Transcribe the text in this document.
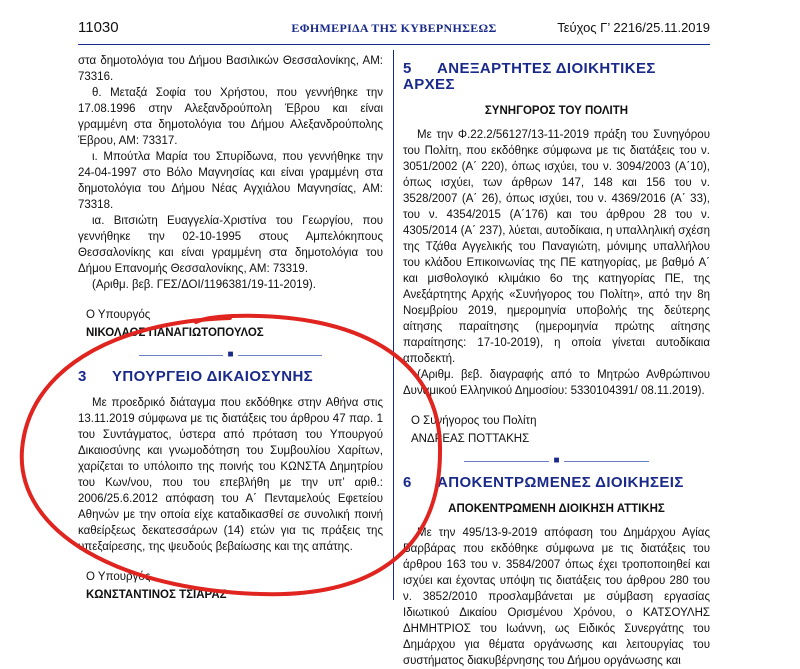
11030	ΕΦΗΜΕΡΙΔΑ ΤΗΣ ΚΥΒΕΡΝΗΣΕΩΣ	Τεύχος Γ’ 2216/25.11.2019

στα δημοτολόγια του Δήμου Βασιλικών Θεσσαλονίκης, ΑΜ: 73316.

θ. Μεταξά Σοφία του Χρήστου, που γεννήθηκε την 17.08.1996 στην Αλεξανδρούπολη Έβρου και είναι γραμμένη στα δημοτολόγια του Δήμου Αλεξανδρούπολης Έβρου, ΑΜ: 73317.

ι. Μπούτλα Μαρία του Σπυρίδωνα, που γεννήθηκε την 24-04-1997 στο Βόλο Μαγνησίας και είναι γραμμένη στα δημοτολόγια του Δήμου Νέας Αγχιάλου Μαγνησίας, ΑΜ: 73318.

ια. Βιτσιώτη Ευαγγελία-Χριστίνα του Γεωργίου, που γεννήθηκε την 02-10-1995 στους Αμπελόκηπους Θεσσαλονίκης και είναι γραμμένη στα δημοτολόγια του Δήμου Επανομής Θεσσαλονίκης, ΑΜ: 73319.

(Αριθμ. βεβ. ΓΕΣ/ΔΟΙ/1196381/19-11-2019).

Ο Υπουργός

ΝΙΚΟΛΑΟΣ ΠΑΝΑΓΙΩΤΟΠΟΥΛΟΣ

■

3 ΥΠΟΥΡΓΕΙΟ ΔΙΚΑΙΟΣΥΝΗΣ

Με προεδρικό διάταγμα που εκδόθηκε στην Αθήνα στις 13.11.2019 σύμφωνα με τις διατάξεις του άρθρου 47 παρ. 1 του Συντάγματος, ύστερα από πρόταση του Υπουργού Δικαιοσύνης και γνωμοδότηση του Συμβουλίου Χαρίτων, χαρίζεται το υπόλοιπο της ποινής του ΚΩΝΣΤΑ Δημητρίου του Κων/νου, που του επεβλήθη με την υπ’ αριθ.: 2006/25.6.2012 απόφαση του Α΄ Πενταμελούς Εφετείου Αθηνών με την οποία είχε καταδικασθεί σε συνολική ποινή καθείρξεως δεκατεσσάρων (14) ετών για τις πράξεις της υπεξαίρεσης, της ψευδούς βεβαίωσης και της απάτης.

Ο Υπουργός

ΚΩΝΣΤΑΝΤΙΝΟΣ ΤΣΙΑΡΑΣ

5 ΑΝΕΞΑΡΤΗΤΕΣ ΔΙΟΙΚΗΤΙΚΕΣ ΑΡΧΕΣ

ΣΥΝΗΓΟΡΟΣ ΤΟΥ ΠΟΛΙΤΗ

Με την Φ.22.2/56127/13-11-2019 πράξη του Συνηγόρου του Πολίτη, που εκδόθηκε σύμφωνα με τις διατάξεις του ν. 3051/2002 (Α΄ 220), όπως ισχύει, του ν. 3094/2003 (Α΄10), όπως ισχύει, των άρθρων 147, 148 και 156 του ν. 3528/2007 (Α΄ 26), όπως ισχύει, του ν. 4369/2016 (Α΄ 33), του ν. 4354/2015 (Α΄176) και του άρθρου 28 του ν. 4305/2014 (Α΄ 237), λύεται, αυτοδίκαια, η υπαλληλική σχέση της Τζάθα Αγγελικής του Παναγιώτη, μόνιμης υπαλλήλου του κλάδου Επικοινωνίας της ΠΕ κατηγορίας, με βαθμό Α΄ και μισθολογικό κλιμάκιο 6ο της κατηγορίας ΠΕ, της Ανεξάρτητης Αρχής «Συνήγορος του Πολίτη», από την 8η Νοεμβρίου 2019, ημερομηνία υποβολής της δεύτερης αίτησης παραίτησης (ημερομηνία πρώτης αίτησης παραίτησης: 17-10-2019), η οποία γίνεται αυτοδίκαια αποδεκτή.

(Αριθμ. βεβ. διαγραφής από το Μητρώο Ανθρώπινου Δυναμικού Ελληνικού Δημοσίου: 5330104391/ 08.11.2019).

Ο Συνήγορος του Πολίτη

ΑΝΔΡΕΑΣ ΠΟΤΤΑΚΗΣ

■

6 ΑΠΟΚΕΝΤΡΩΜΕΝΕΣ ΔΙΟΙΚΗΣΕΙΣ

ΑΠΟΚΕΝΤΡΩΜΕΝΗ ΔΙΟΙΚΗΣΗ ΑΤΤΙΚΗΣ

Με την 495/13-9-2019 απόφαση του Δημάρχου Αγίας Βαρβάρας που εκδόθηκε σύμφωνα με τις διατάξεις του άρθρου 163 του ν. 3584/2007 όπως έχει τροποποιηθεί και ισχύει και έχοντας υπόψη τις διατάξεις του άρθρου 280 του ν. 3852/2010 προσλαμβάνεται με σύμβαση εργασίας Ιδιωτικού Δικαίου Ορισμένου Χρόνου, ο ΚΑΤΣΟΥΛΗΣ ΔΗΜΗΤΡΙΟΣ του Ιωάννη, ως Ειδικός Συνεργάτης του Δημάρχου για θέματα οργάνωσης και λειτουργίας του συστήματος διακυβέρνησης του Δήμου οργάνωσης και
